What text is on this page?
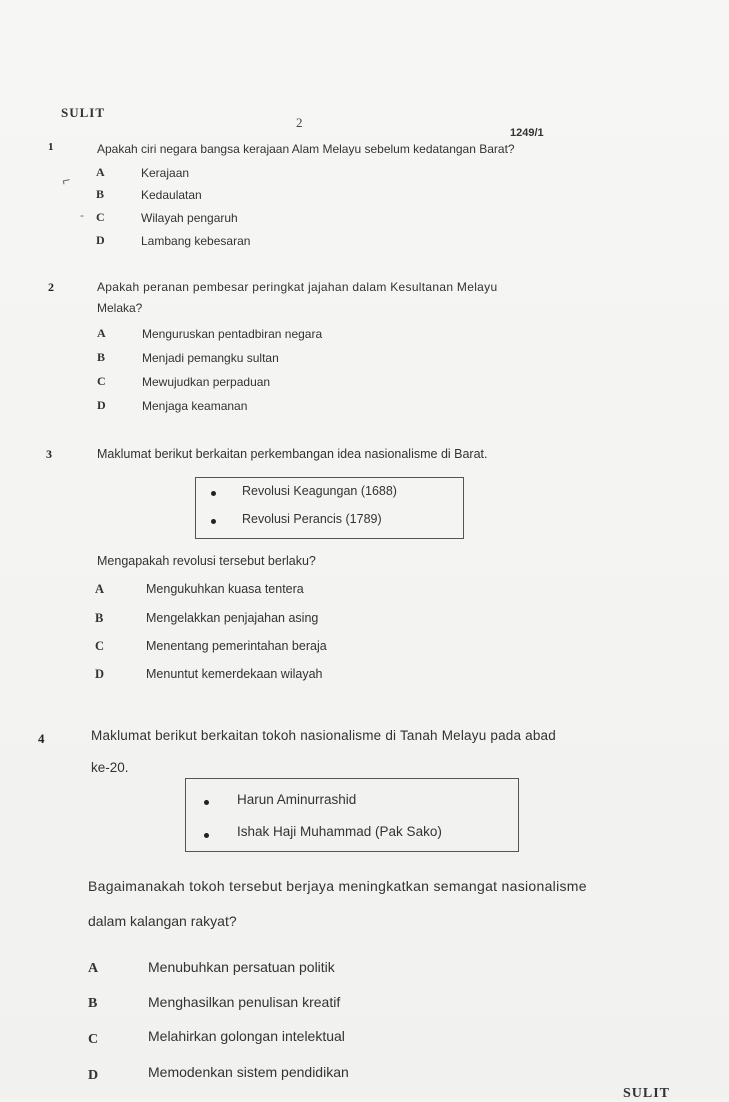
SULIT
2
1249/1
1	Apakah ciri negara bangsa kerajaan Alam Melayu sebelum kedatangan Barat?
⌐ A	Kerajaan
B	Kedaulatan
- C	Wilayah pengaruh
D	Lambang kebesaran
2	Apakah peranan pembesar peringkat jajahan dalam Kesultanan Melayu
Melaka?
A	Menguruskan pentadbiran negara
B	Menjadi pemangku sultan
C	Mewujudkan perpaduan
D	Menjaga keamanan
3	Maklumat berikut berkaitan perkembangan idea nasionalisme di Barat.
Revolusi Keagungan (1688)
Revolusi Perancis (1789)
Mengapakah revolusi tersebut berlaku?
A	Mengukuhkan kuasa tentera
B	Mengelakkan penjajahan asing
C	Menentang pemerintahan beraja
D	Menuntut kemerdekaan wilayah
4	Maklumat berikut berkaitan tokoh nasionalisme di Tanah Melayu pada abad
ke-20.
Harun Aminurrashid
Ishak Haji Muhammad (Pak Sako)
Bagaimanakah tokoh tersebut berjaya meningkatkan semangat nasionalisme
dalam kalangan rakyat?
A	Menubuhkan persatuan politik
B	Menghasilkan penulisan kreatif
C	Melahirkan golongan intelektual
D	Memodenkan sistem pendidikan
SULIT
